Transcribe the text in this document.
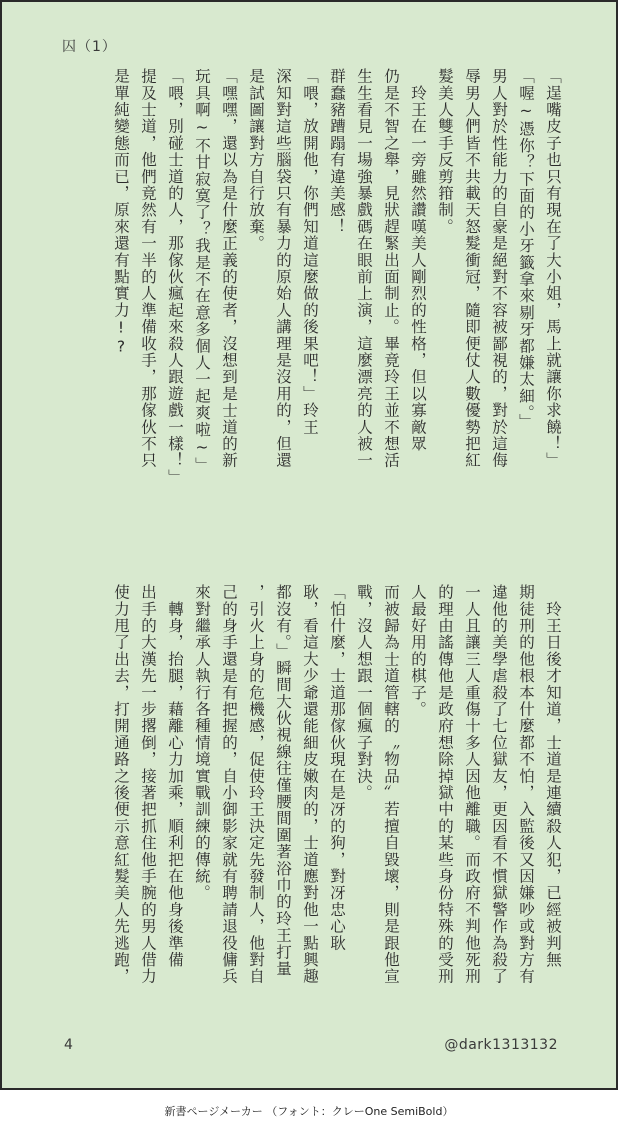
囚（1）
「逞嘴皮子也只有現在了大小姐，馬上就讓你求饒！」
「喔~憑你？下面的小牙籤拿來剔牙都嫌太細。」
男人對於性能力的自豪是絕對不容被鄙視的，對於這侮
辱男人們皆不共載天怒髮衝冠，隨即便仗人數優勢把紅
髮美人雙手反剪箝制。
　玲王在一旁雖然讚嘆美人剛烈的性格，但以寡敵眾
仍是不智之舉，見狀趕緊出面制止。畢竟玲王並不想活
生生看見一場強暴戲碼在眼前上演，這麼漂亮的人被一
群蠢豬蹧蹋有違美感！
「喂，放開他，你們知道這麼做的後果吧！」玲王
深知對這些腦袋只有暴力的原始人講理是沒用的，但還
是試圖讓對方自行放棄。
「嘿嘿，還以為是什麼正義的使者，沒想到是士道的新
玩具啊~不甘寂寞了？我是不在意多個人一起爽啦~」
「喂，別碰士道的人，那傢伙瘋起來殺人跟遊戲一樣！」
提及士道，他們竟然有一半的人準備收手，那傢伙不只
是單純變態而已，原來還有點實力!?
　玲王日後才知道，士道是連續殺人犯，已經被判無
期徒刑的他根本什麼都不怕，入監後又因嫌吵或對方有
違他的美學虐殺了七位獄友，更因看不慣獄警作為殺了
一人且讓三人重傷十多人因他離職。而政府不判他死刑
的理由謠傳他是政府想除掉獄中的某些身份特殊的受刑
人最好用的棋子。
而被歸為士道管轄的〝物品〞若擅自毀壞，則是跟他宣
戰，沒人想跟一個瘋子對決。
「怕什麼，士道那傢伙現在是冴的狗，對冴忠心耿
耿，看這大少爺還能細皮嫩肉的，士道應對他一點興趣
都沒有。」瞬間大伙視線往僅腰間圍著浴巾的玲王打量
，引火上身的危機感，促使玲王決定先發制人，他對自
己的身手還是有把握的，自小御影家就有聘請退役傭兵
來對繼承人執行各種情境實戰訓練的傳統。
　轉身，抬腿，藉離心力加乘，順利把在他身後準備
出手的大漢先一步撂倒，接著把抓住他手腕的男人借力
使力甩了出去，打開通路之後便示意紅髮美人先逃跑，
4	@dark1313132
新書ページメーカー （フォント：クレーOne SemiBold）
